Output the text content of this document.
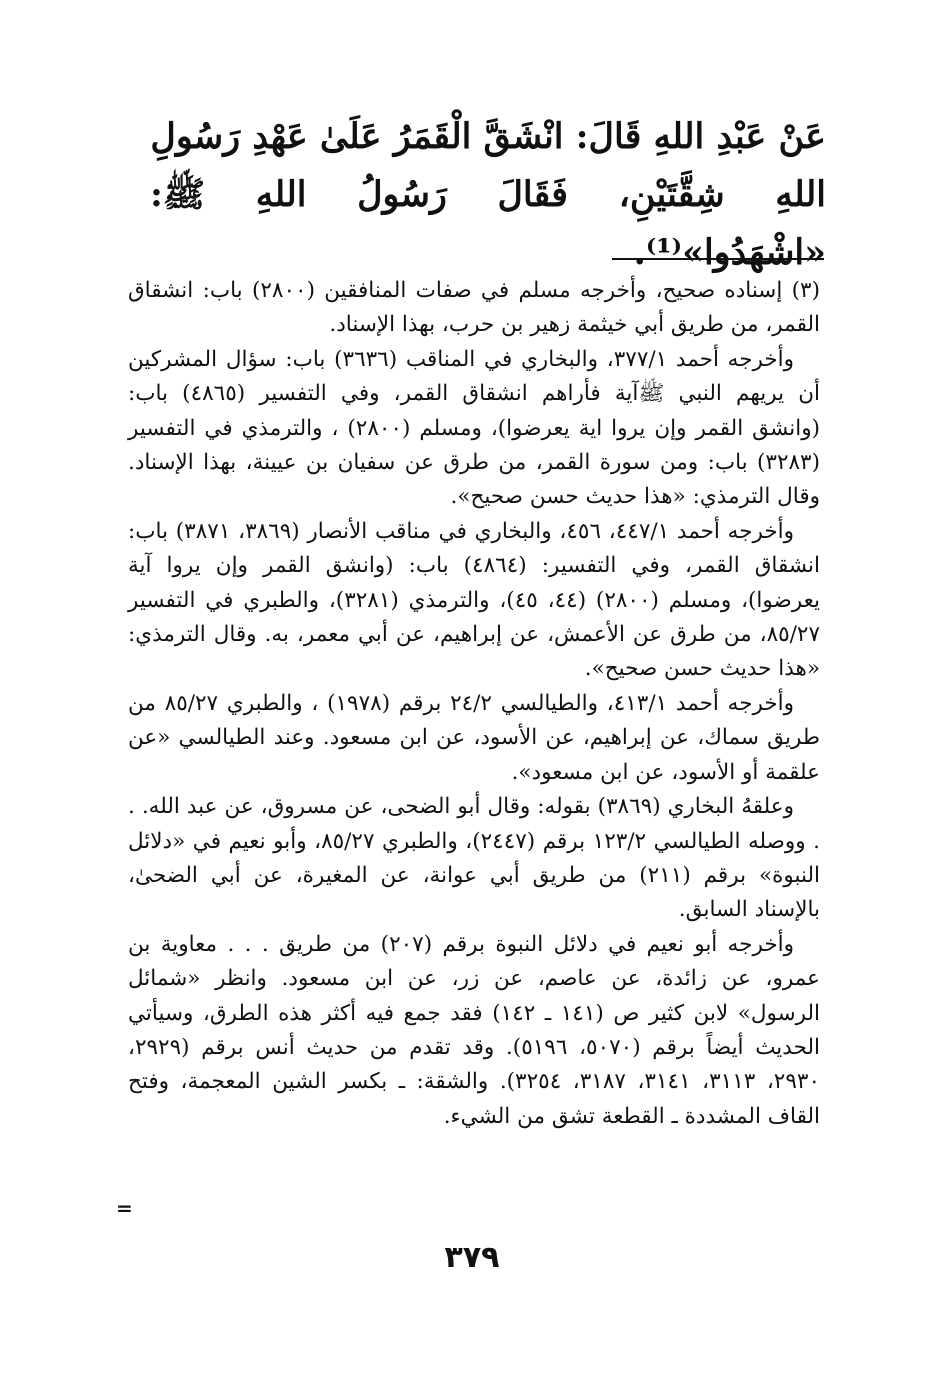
عَنْ عَبْدِ اللهِ قَالَ: انْشَقَّ الْقَمَرُ عَلَىٰ عَهْدِ رَسُولِ
اللهِ شِقَّتَيْنِ، فَقَالَ رَسُولُ اللهِ ﷺ: «اشْهَدُوا»⁽¹⁾.

(٣) إسناده صحيح، وأخرجه مسلم في صفات المنافقين (٢٨٠٠) باب: انشقاق القمر، من طريق أبي خيثمة زهير بن حرب، بهذا الإسناد.

وأخرجه أحمد ٣٧٧/١، والبخاري في المناقب (٣٦٣٦) باب: سؤال المشركين أن يريهم النبي ﷺآية فأراهم انشقاق القمر، وفي التفسير (٤٨٦٥) باب: (وانشق القمر وإن يروا اية يعرضوا)، ومسلم (٢٨٠٠) ، والترمذي في التفسير (٣٢٨٣) باب: ومن سورة القمر، من طرق عن سفيان بن عيينة، بهذا الإسناد. وقال الترمذي: «هذا حديث حسن صحيح».

وأخرجه أحمد ٤٤٧/١، ٤٥٦، والبخاري في مناقب الأنصار (٣٨٦٩، ٣٨٧١) باب: انشقاق القمر، وفي التفسير: (٤٨٦٤) باب: (وانشق القمر وإن يروا آية يعرضوا)، ومسلم (٢٨٠٠) (٤٤، ٤٥)، والترمذي (٣٢٨١)، والطبري في التفسير ٨٥/٢٧، من طرق عن الأعمش، عن إبراهيم، عن أبي معمر، به. وقال الترمذي: «هذا حديث حسن صحيح».

وأخرجه أحمد ٤١٣/١، والطيالسي ٢٤/٢ برقم (١٩٧٨) ، والطبري ٨٥/٢٧ من طريق سماك، عن إبراهيم، عن الأسود، عن ابن مسعود. وعند الطيالسي «عن علقمة أو الأسود، عن ابن مسعود».

وعلقهُ البخاري (٣٨٦٩) بقوله: وقال أبو الضحى، عن مسروق، عن عبد الله. . . ووصله الطيالسي ١٢٣/٢ برقم (٢٤٤٧)، والطبري ٨٥/٢٧، وأبو نعيم في «دلائل النبوة» برقم (٢١١) من طريق أبي عوانة، عن المغيرة، عن أبي الضحىٰ، بالإسناد السابق.

وأخرجه أبو نعيم في دلائل النبوة برقم (٢٠٧) من طريق . . . معاوية بن عمرو، عن زائدة، عن عاصم، عن زر، عن ابن مسعود. وانظر «شمائل الرسول» لابن كثير ص (١٤١ ـ ١٤٢) فقد جمع فيه أكثر هذه الطرق، وسيأتي الحديث أيضاً برقم (٥٠٧٠، ٥١٩٦). وقد تقدم من حديث أنس برقم (٢٩٢٩، ٢٩٣٠، ٣١١٣، ٣١٤١، ٣١٨٧، ٣٢٥٤). والشقة: ـ بكسر الشين المعجمة، وفتح القاف المشددة ـ القطعة تشق من الشيء.

=
٣٧٩
